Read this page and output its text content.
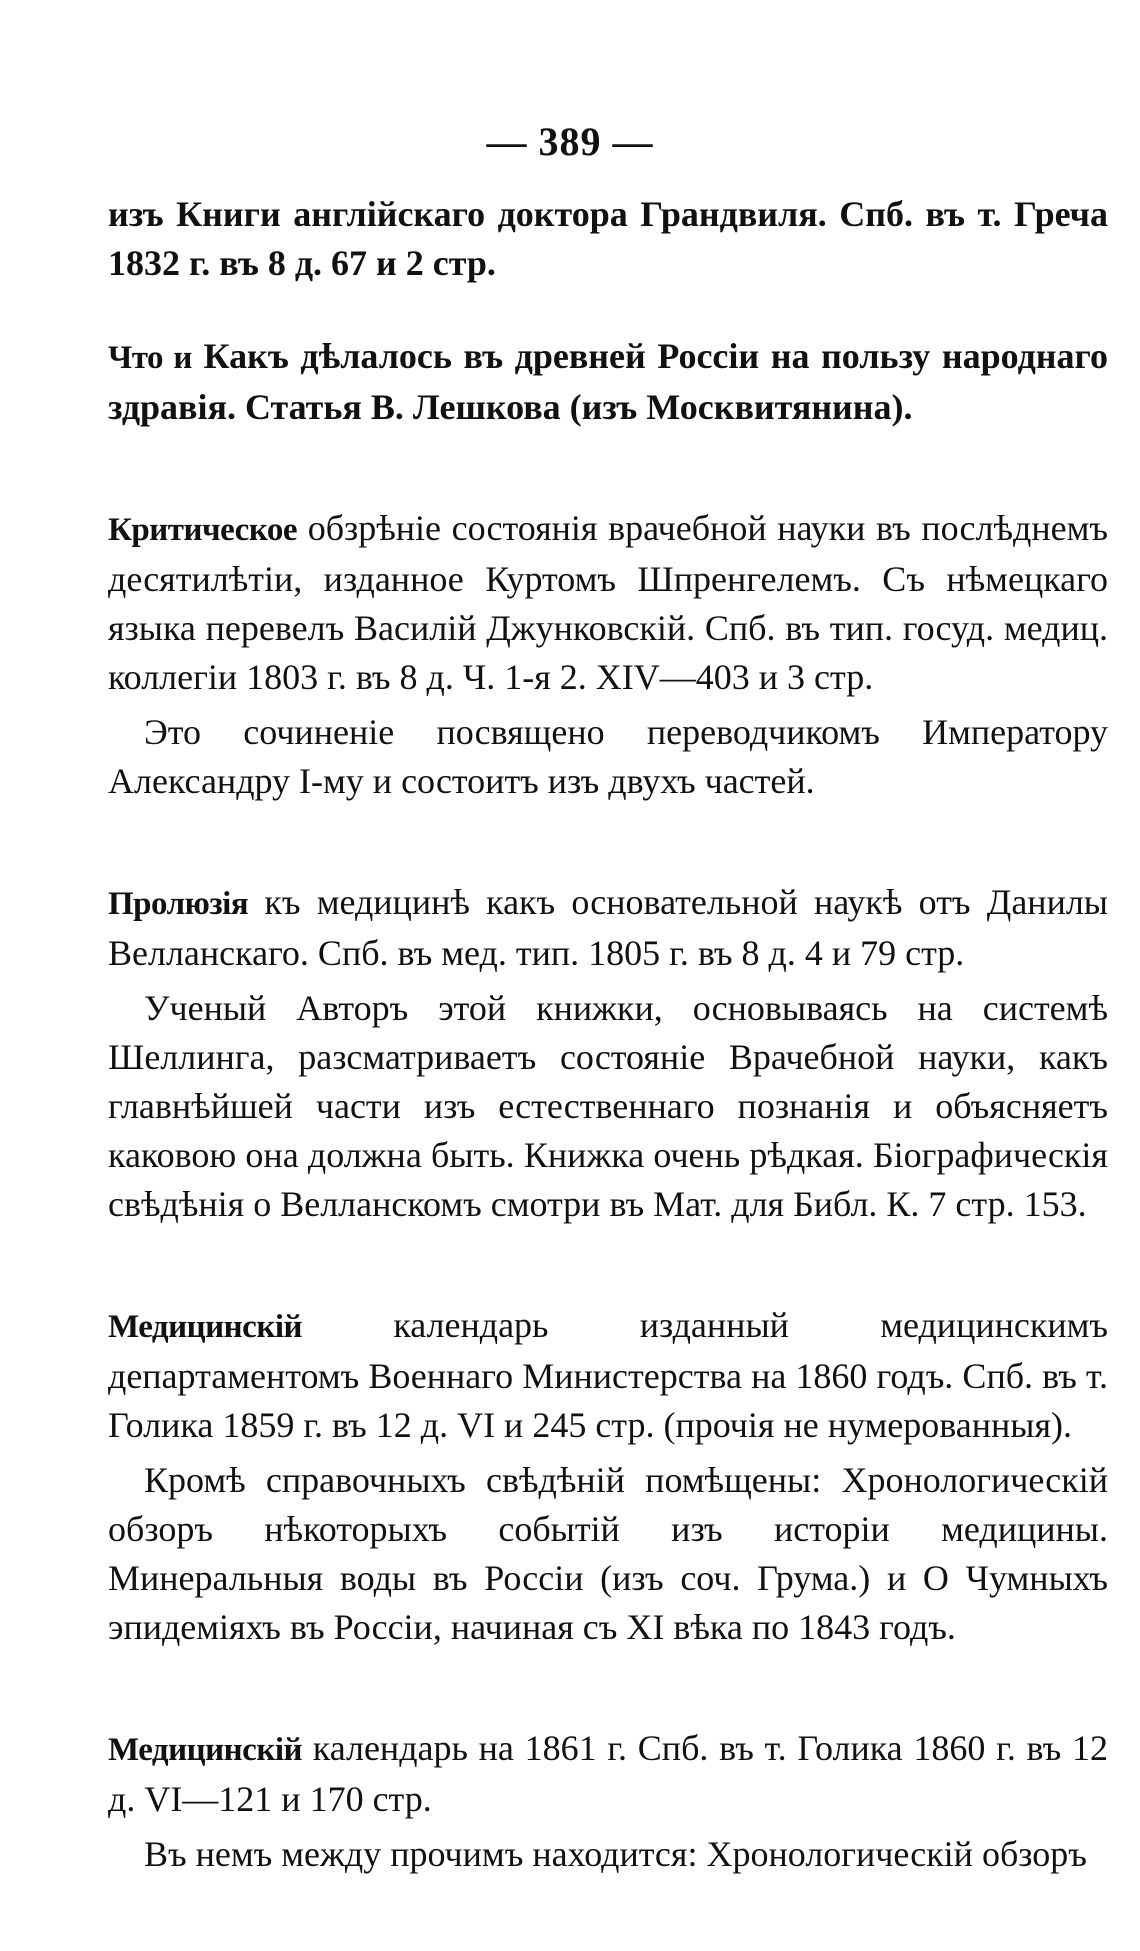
— 389 —

изъ Книги англійскаго доктора Грандвиля. Спб. въ т. Греча 1832 г. въ 8 д. 67 и 2 стр.

Что и Какъ дѣлалось въ древней Россіи на пользу народнаго здравія. Статья В. Лешкова (изъ Москвитянина).

Критическое обзрѣніе состоянія врачебной науки въ послѣднемъ десятилѣтіи, изданное Куртомъ Шпренгелемъ. Съ нѣмецкаго языка перевелъ Василій Джунковскій. Спб. въ тип. госуд. медиц. коллегіи 1803 г. въ 8 д. Ч. 1-я 2. XIV—403 и 3 стр.

Это сочиненіе посвящено переводчикомъ Императору Александру I-му и состоитъ изъ двухъ частей.

Пролюзія къ медицинѣ какъ основательной наукѣ отъ Данилы Велланскаго. Спб. въ мед. тип. 1805 г. въ 8 д. 4 и 79 стр.

Ученый Авторъ этой книжки, основываясь на системѣ Шеллинга, разсматриваетъ состояніе Врачебной науки, какъ главнѣйшей части изъ естественнаго познанія и объясняетъ каковою она должна быть. Книжка очень рѣдкая. Біографическія свѣдѣнія о Велланскомъ смотри въ Мат. для Библ. К. 7 стр. 153.

Медицинскій календарь изданный медицинскимъ департаментомъ Военнаго Министерства на 1860 годъ. Спб. въ т. Голика 1859 г. въ 12 д. VI и 245 стр. (прочія не нумерованныя).

Кромѣ справочныхъ свѣдѣній помѣщены: Хронологическій обзоръ нѣкоторыхъ событій изъ исторіи медицины. Минеральныя воды въ Россіи (изъ соч. Грума.) и О Чумныхъ эпидеміяхъ въ Россіи, начиная съ XI вѣка по 1843 годъ.

Медицинскій календарь на 1861 г. Спб. въ т. Голика 1860 г. въ 12 д. VI—121 и 170 стр.

Въ немъ между прочимъ находится: Хронологическій обзоръ
